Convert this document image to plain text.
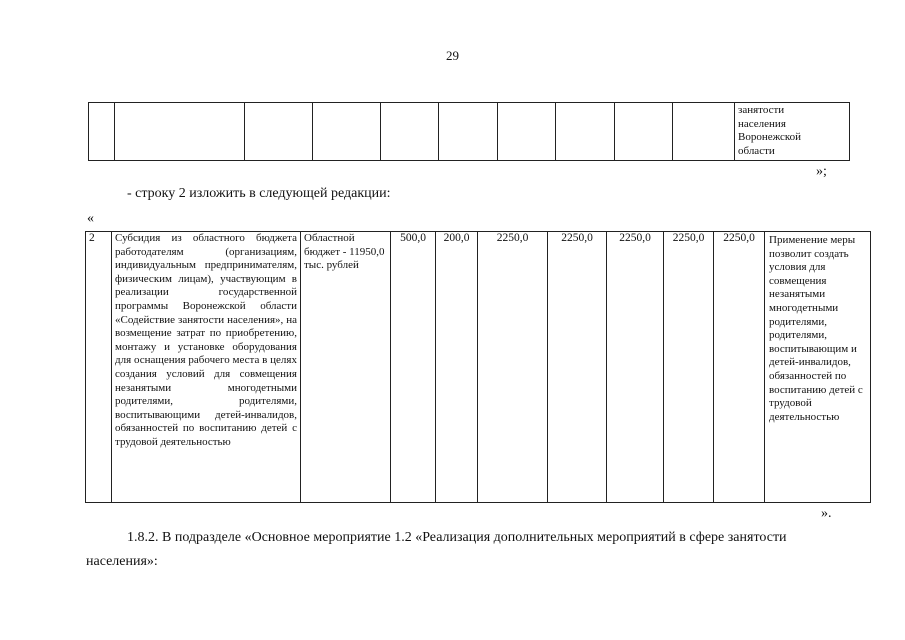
29

занятости
населения
Воронежской
области
»;
- строку 2 изложить в следующей редакции:
«
2	Субсидия из областного бюджета работодателям (организациям, индивидуальным предпринимателям, физическим лицам), участвующим в реализации государственной программы Воронежской области «Содействие занятости населения», на возмещение затрат по приобретению, монтажу и установке оборудования для оснащения рабочего места в целях создания условий для совмещения незанятыми многодетными родителями, родителями, воспитывающими детей-инвалидов, обязанностей по воспитанию детей с трудовой деятельностью	Областной бюджет - 11950,0 тыс. рублей	500,0	200,0	2250,0	2250,0	2250,0	2250,0	2250,0	Применение меры позволит создать условия для совмещения незанятыми многодетными родителями, родителями, воспитывающим и детей-инвалидов, обязанностей по воспитанию детей с трудовой деятельностью
».
1.8.2. В подразделе «Основное мероприятие 1.2 «Реализация дополнительных мероприятий в сфере занятости
населения»:
